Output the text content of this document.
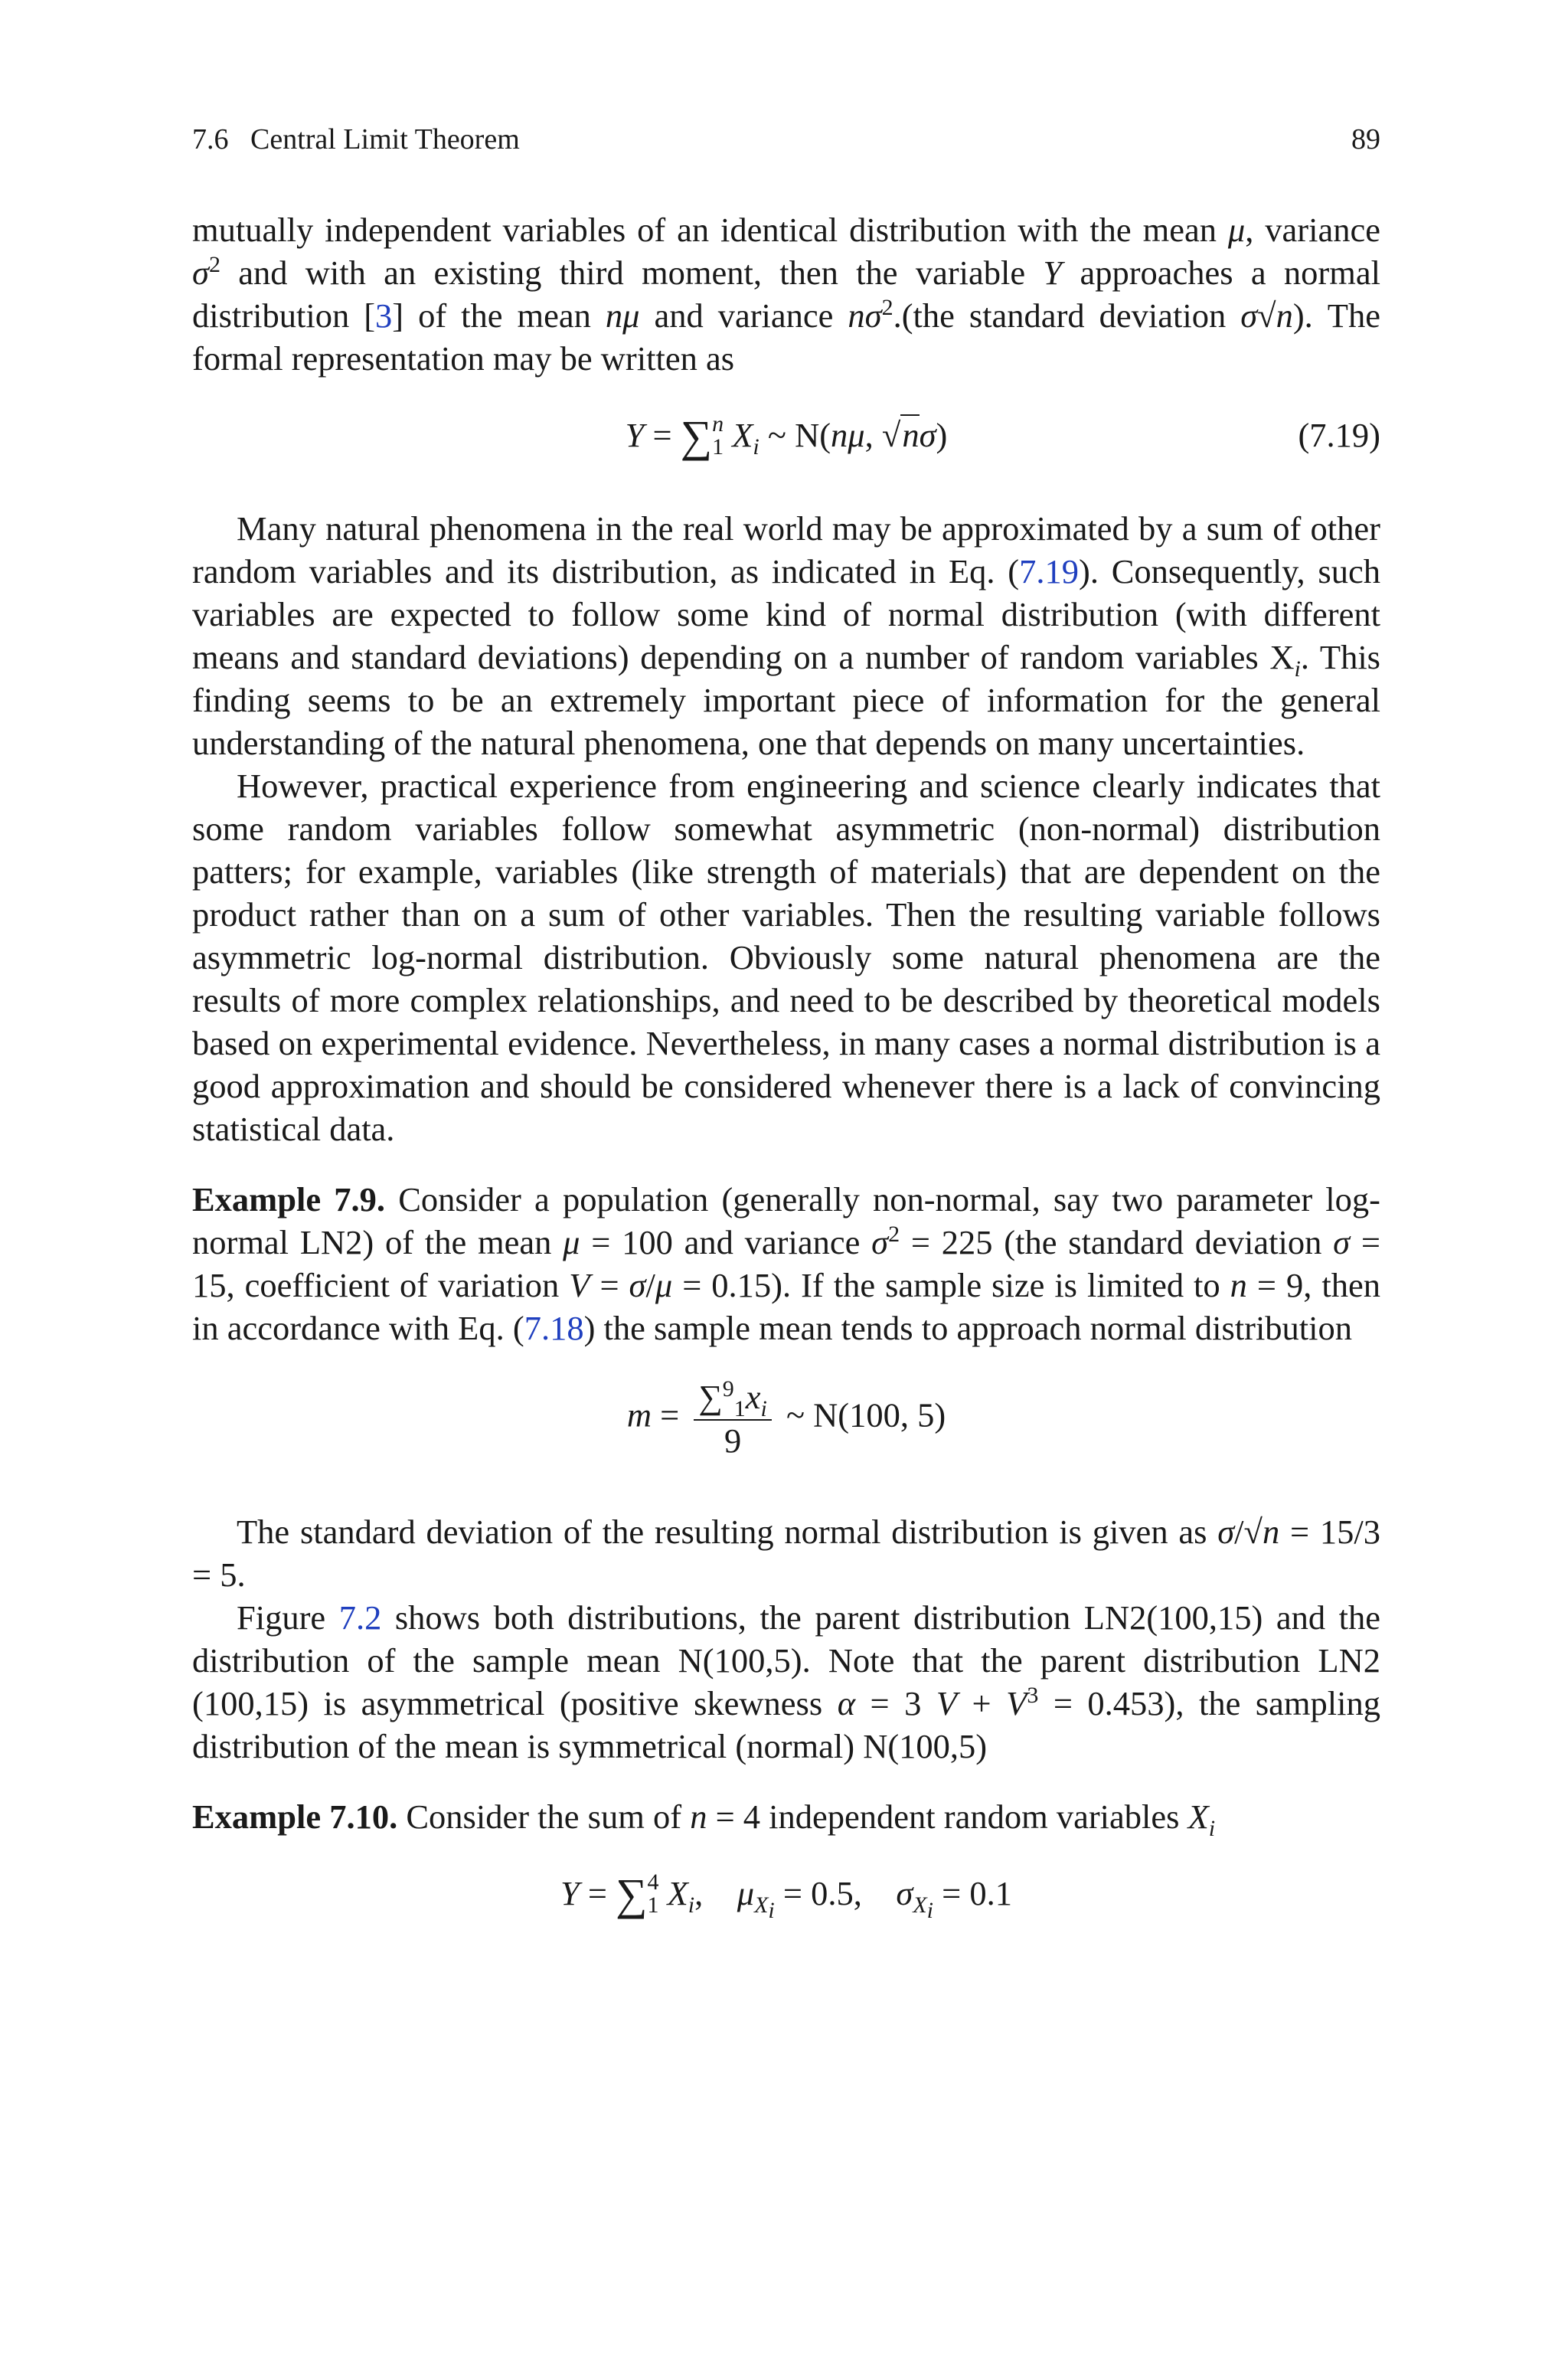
7.6   Central Limit Theorem	89

mutually independent variables of an identical distribution with the mean μ, variance $\sigma^2$ and with an existing third moment, then the variable Y approaches a normal distribution [3] of the mean nμ and variance $n\sigma^2.(the$ standard deviation σ√n). The formal representation may be written as

Y = ∑n
1 $X_i$ ~ N(nμ, √nσ)	(7.19)

Many natural phenomena in the real world may be approximated by a sum of other random variables and its distribution, as indicated in Eq. (7.19). Consequently, such variables are expected to follow some kind of normal distribution (with different means and standard deviations) depending on a number of random variables $X_i$. This finding seems to be an extremely important piece of information for the general understanding of the natural phenomena, one that depends on many uncertainties.

However, practical experience from engineering and science clearly indicates that some random variables follow somewhat asymmetric (non-normal) distribution patters; for example, variables (like strength of materials) that are dependent on the product rather than on a sum of other variables. Then the resulting variable follows asymmetric log-normal distribution. Obviously some natural phenomena are the results of more complex relationships, and need to be described by theoretical models based on experimental evidence. Nevertheless, in many cases a normal distribution is a good approximation and should be considered whenever there is a lack of convincing statistical data.

Example 7.9. Consider a population (generally non-normal, say two parameter log-normal LN2) of the mean μ = 100 and variance $\sigma^2 = 225$ (the standard deviation σ = 15, coefficient of variation V = σ/μ = 0.15). If the sample size is limited to n = 9, then in accordance with Eq. (7.18) the sample mean tends to approach normal distribution

$m = \frac{\sum^9_1x_i}{9}$ ~ N(100, 5)

The standard deviation of the resulting normal distribution is given as σ/√n = 15/3 = 5.

Figure 7.2 shows both distributions, the parent distribution LN2(100,15) and the distribution of the sample mean N(100,5). Note that the parent distribution LN2 (100,15) is asymmetrical (positive skewness α = 3 $V + V^3 = 0.453$), the sampling distribution of the mean is symmetrical (normal) N(100,5)

Example 7.10. Consider the sum of n = 4 independent random variables $X_i$

Y = ∑4
1 $X_i$,    $\mu_{X_i} = 0.5$, $\sigma_{X_i} = 0.1$
